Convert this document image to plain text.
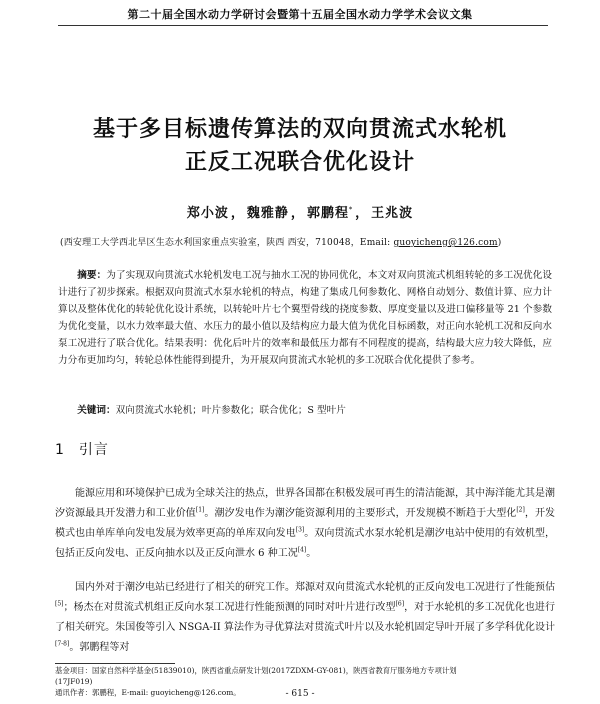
第二十届全国水动力学研讨会暨第十五届全国水动力学学术会议文集
基于多目标遗传算法的双向贯流式水轮机
正反工况联合优化设计
郑小波 ， 魏雅静 ， 郭鹏程* ， 王兆波
(西安理工大学西北旱区生态水利国家重点实验室，陕西 西安，710048，Email: guoyicheng@126.com)

摘要：为了实现双向贯流式水轮机发电工况与抽水工况的协同优化，本文对双向贯流式机组转轮的多工况优化设计进行了初步探索。根据双向贯流式水泵水轮机的特点，构建了集成几何参数化、网格自动划分、数值计算、应力计算以及整体优化的转轮优化设计系统，以转轮叶片七个翼型骨线的挠度参数、厚度变量以及进口偏移量等 21 个参数为优化变量，以水力效率最大值、水压力的最小值以及结构应力最大值为优化目标函数，对正向水轮机工况和反向水泵工况进行了联合优化。结果表明：优化后叶片的效率和最低压力都有不同程度的提高，结构最大应力较大降低，应力分布更加均匀，转轮总体性能得到提升，为开展双向贯流式水轮机的多工况联合优化提供了参考。

关键词：双向贯流式水轮机；叶片参数化；联合优化；S 型叶片

1 引言

能源应用和环境保护已成为全球关注的热点，世界各国都在积极发展可再生的清洁能源，其中海洋能尤其是潮汐资源最具开发潜力和工业价值[1]。潮汐发电作为潮汐能资源利用的主要形式，开发规模不断趋于大型化[2]，开发模式也由单库单向发电发展为效率更高的单库双向发电[3]。双向贯流式水泵水轮机是潮汐电站中使用的有效机型，包括正反向发电、正反向抽水以及正反向泄水 6 种工况[4]。

国内外对于潮汐电站已经进行了相关的研究工作。郑源对双向贯流式水轮机的正反向发电工况进行了性能预估[5]；杨杰在对贯流式机组正反向水泵工况进行性能预测的同时对叶片进行改型[6]，对于水轮机的多工况优化也进行了相关研究。朱国俊等引入 NSGA-II 算法作为寻优算法对贯流式叶片以及水轮机固定导叶开展了多学科优化设计[7-8]。郭鹏程等对

基金项目：国家自然科学基金(51839010)，陕西省重点研发计划(2017ZDXM-GY-081)，陕西省教育厅服务地方专项计划
(17JF019)
通讯作者：郭鹏程，E-mail: guoyicheng@126.com。	- 615 -
